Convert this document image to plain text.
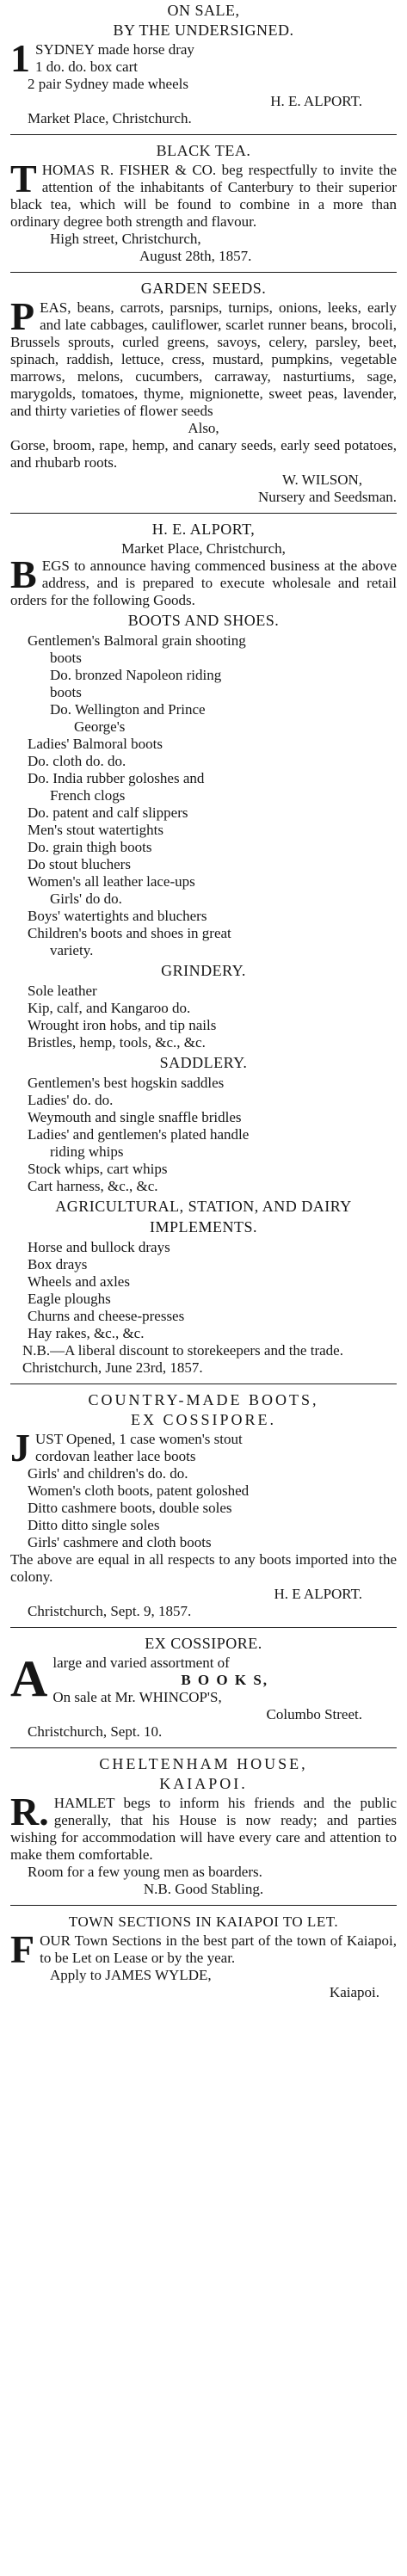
ON SALE,
BY THE UNDERSIGNED.
1 SYDNEY made horse dray
1 do. do. box cart
2 pair Sydney made wheels
H. E. ALPORT.
Market Place, Christchurch.
BLACK TEA.
THOMAS R. FISHER & CO. beg respectfully to invite the attention of the inhabitants of Canterbury to their superior black tea, which will be found to combine in a more than ordinary degree both strength and flavour.
High street, Christchurch,
August 28th, 1857.
GARDEN SEEDS.
PEAS, beans, carrots, parsnips, turnips, onions, leeks, early and late cabbages, cauliflower, scarlet runner beans, brocoli, Brussels sprouts, curled greens, savoys, celery, parsley, beet, spinach, raddish, lettuce, cress, mustard, pumpkins, vegetable marrows, melons, cucumbers, carraway, nasturtiums, sage, marygolds, tomatoes, thyme, mignionette, sweet peas, lavender, and thirty varieties of flower seeds
Also,
Gorse, broom, rape, hemp, and canary seeds, early seed potatoes, and rhubarb roots.
W. WILSON,
Nursery and Seedsman.
H. E. ALPORT,
Market Place, Christchurch,
BEGS to announce having commenced business at the above address, and is prepared to execute wholesale and retail orders for the following Goods.
BOOTS AND SHOES.
Gentlemen's Balmoral grain shooting
boots
Do. bronzed Napoleon riding
boots
Do. Wellington and Prince
George's
Ladies' Balmoral boots
Do. cloth do. do.
Do. India rubber goloshes and
French clogs
Do. patent and calf slippers
Men's stout watertights
Do. grain thigh boots
Do stout bluchers
Women's all leather lace-ups
Girls' do do.
Boys' watertights and bluchers
Children's boots and shoes in great
variety.
GRINDERY.
Sole leather
Kip, calf, and Kangaroo do.
Wrought iron hobs, and tip nails
Bristles, hemp, tools, &c., &c.
SADDLERY.
Gentlemen's best hogskin saddles
Ladies' do. do.
Weymouth and single snaffle bridles
Ladies' and gentlemen's plated handle
riding whips
Stock whips, cart whips
Cart harness, &c., &c.
AGRICULTURAL, STATION, AND DAIRY
IMPLEMENTS.
Horse and bullock drays
Box drays
Wheels and axles
Eagle ploughs
Churns and cheese-presses
Hay rakes, &c., &c.
N.B.—A liberal discount to storekeepers and the trade.
Christchurch, June 23rd, 1857.
COUNTRY-MADE BOOTS,
EX COSSIPORE.
J UST Opened, 1 case women's stout
cordovan leather lace boots
Girls' and children's do. do.
Women's cloth boots, patent goloshed
Ditto cashmere boots, double soles
Ditto ditto single soles
Girls' cashmere and cloth boots
The above are equal in all respects to any boots imported into the colony.
H. E ALPORT.
Christchurch, Sept. 9, 1857.
EX COSSIPORE.
A large and varied assortment of
B O O K S,
On sale at Mr. WHINCOP'S,
Columbo Street.
Christchurch, Sept. 10.
CHELTENHAM HOUSE,
KAIAPOI.
R. HAMLET begs to inform his friends and the public generally, that his House is now ready; and parties wishing for accommodation will have every care and attention to make them comfortable.
Room for a few young men as boarders.
N.B. Good Stabling.
TOWN SECTIONS IN KAIAPOI TO LET.
FOUR Town Sections in the best part of the town of Kaiapoi, to be Let on Lease or by the year.
Apply to JAMES WYLDE,
Kaiapoi.
